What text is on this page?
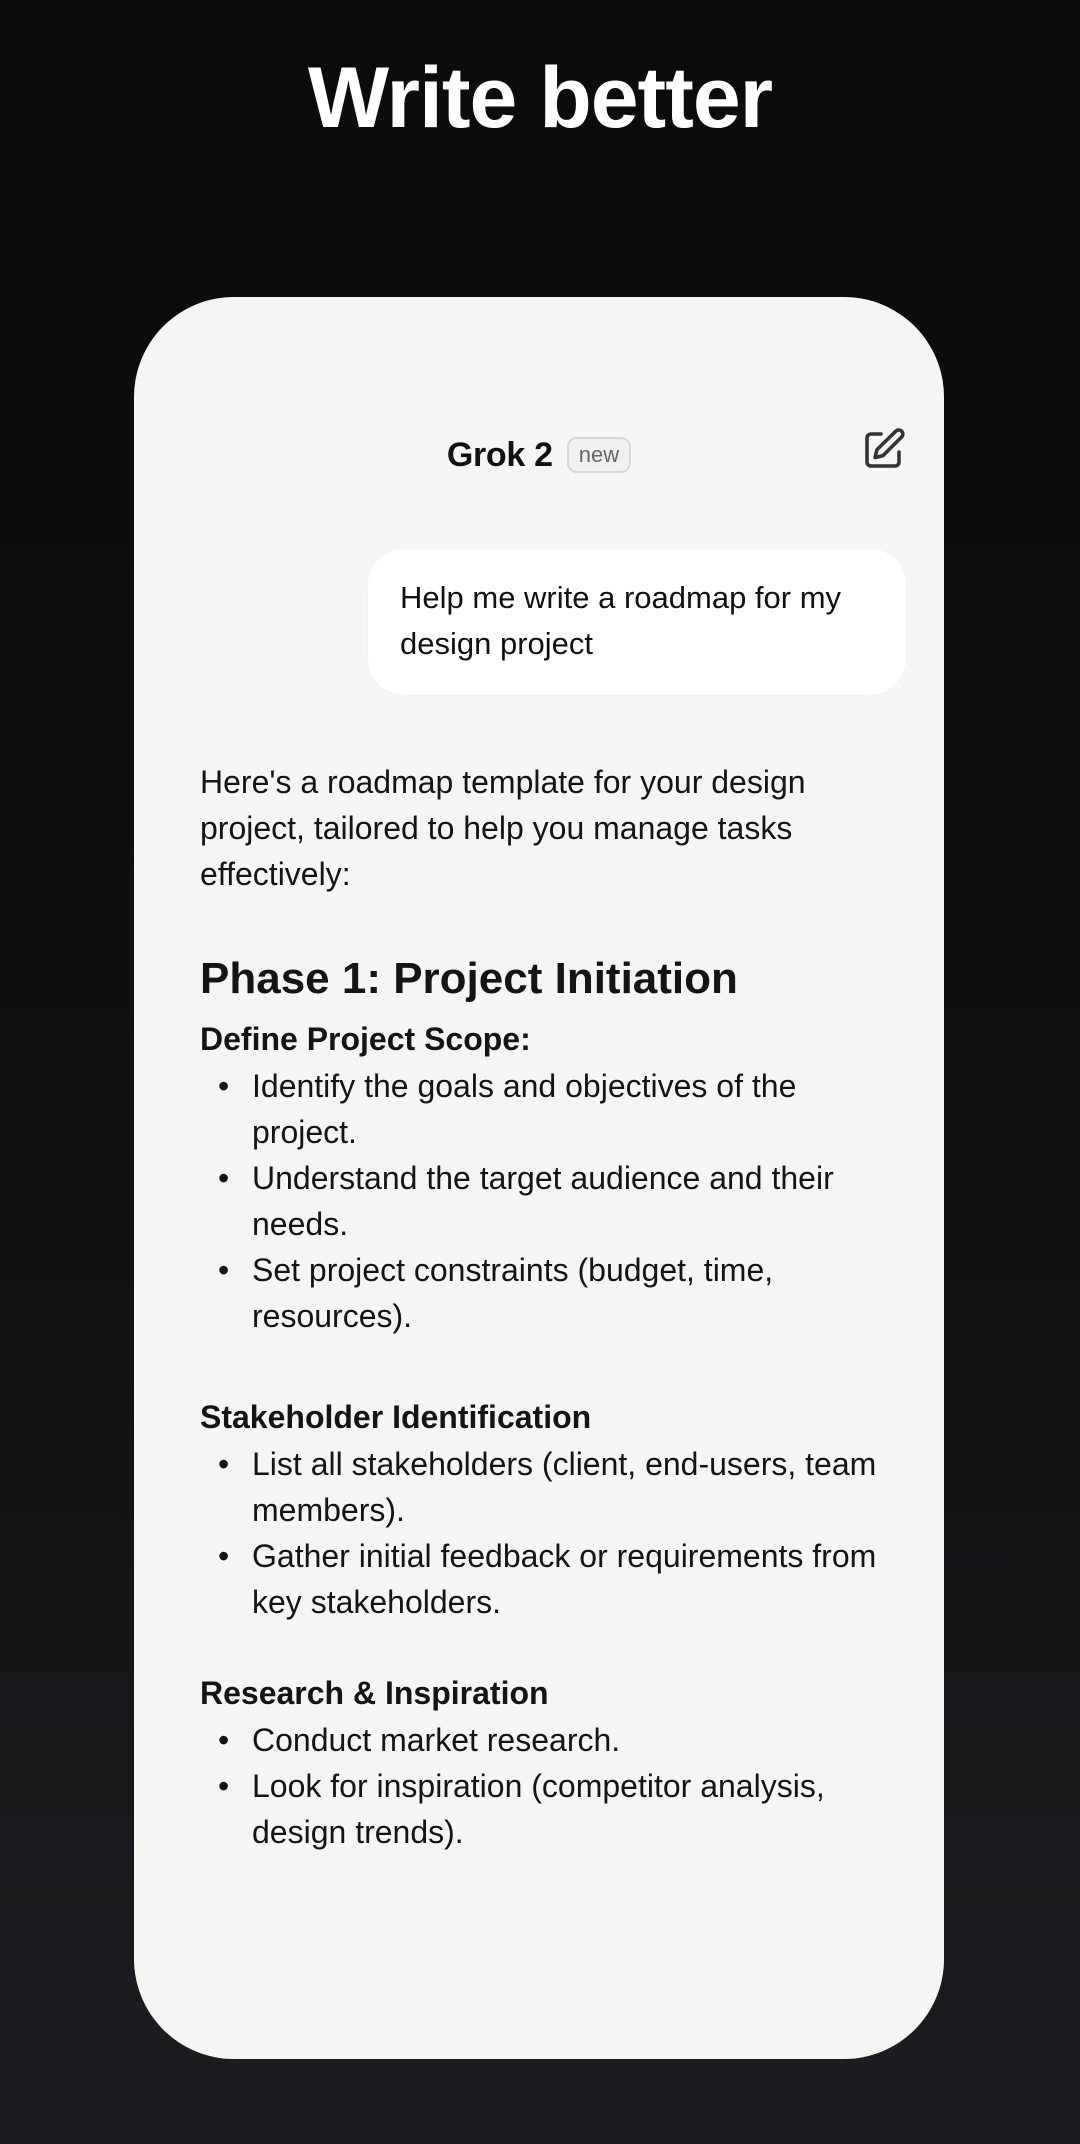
Write better
Grok 2	new
Help me write a roadmap for my design project

Here's a roadmap template for your design project, tailored to help you manage tasks effectively:

Phase 1: Project Initiation
Define Project Scope:
• Identify the goals and objectives of the project.
• Understand the target audience and their needs.
• Set project constraints (budget, time, resources).
Stakeholder Identification
• List all stakeholders (client, end-users, team members).
• Gather initial feedback or requirements from key stakeholders.
Research & Inspiration
• Conduct market research.
• Look for inspiration (competitor analysis, design trends).
